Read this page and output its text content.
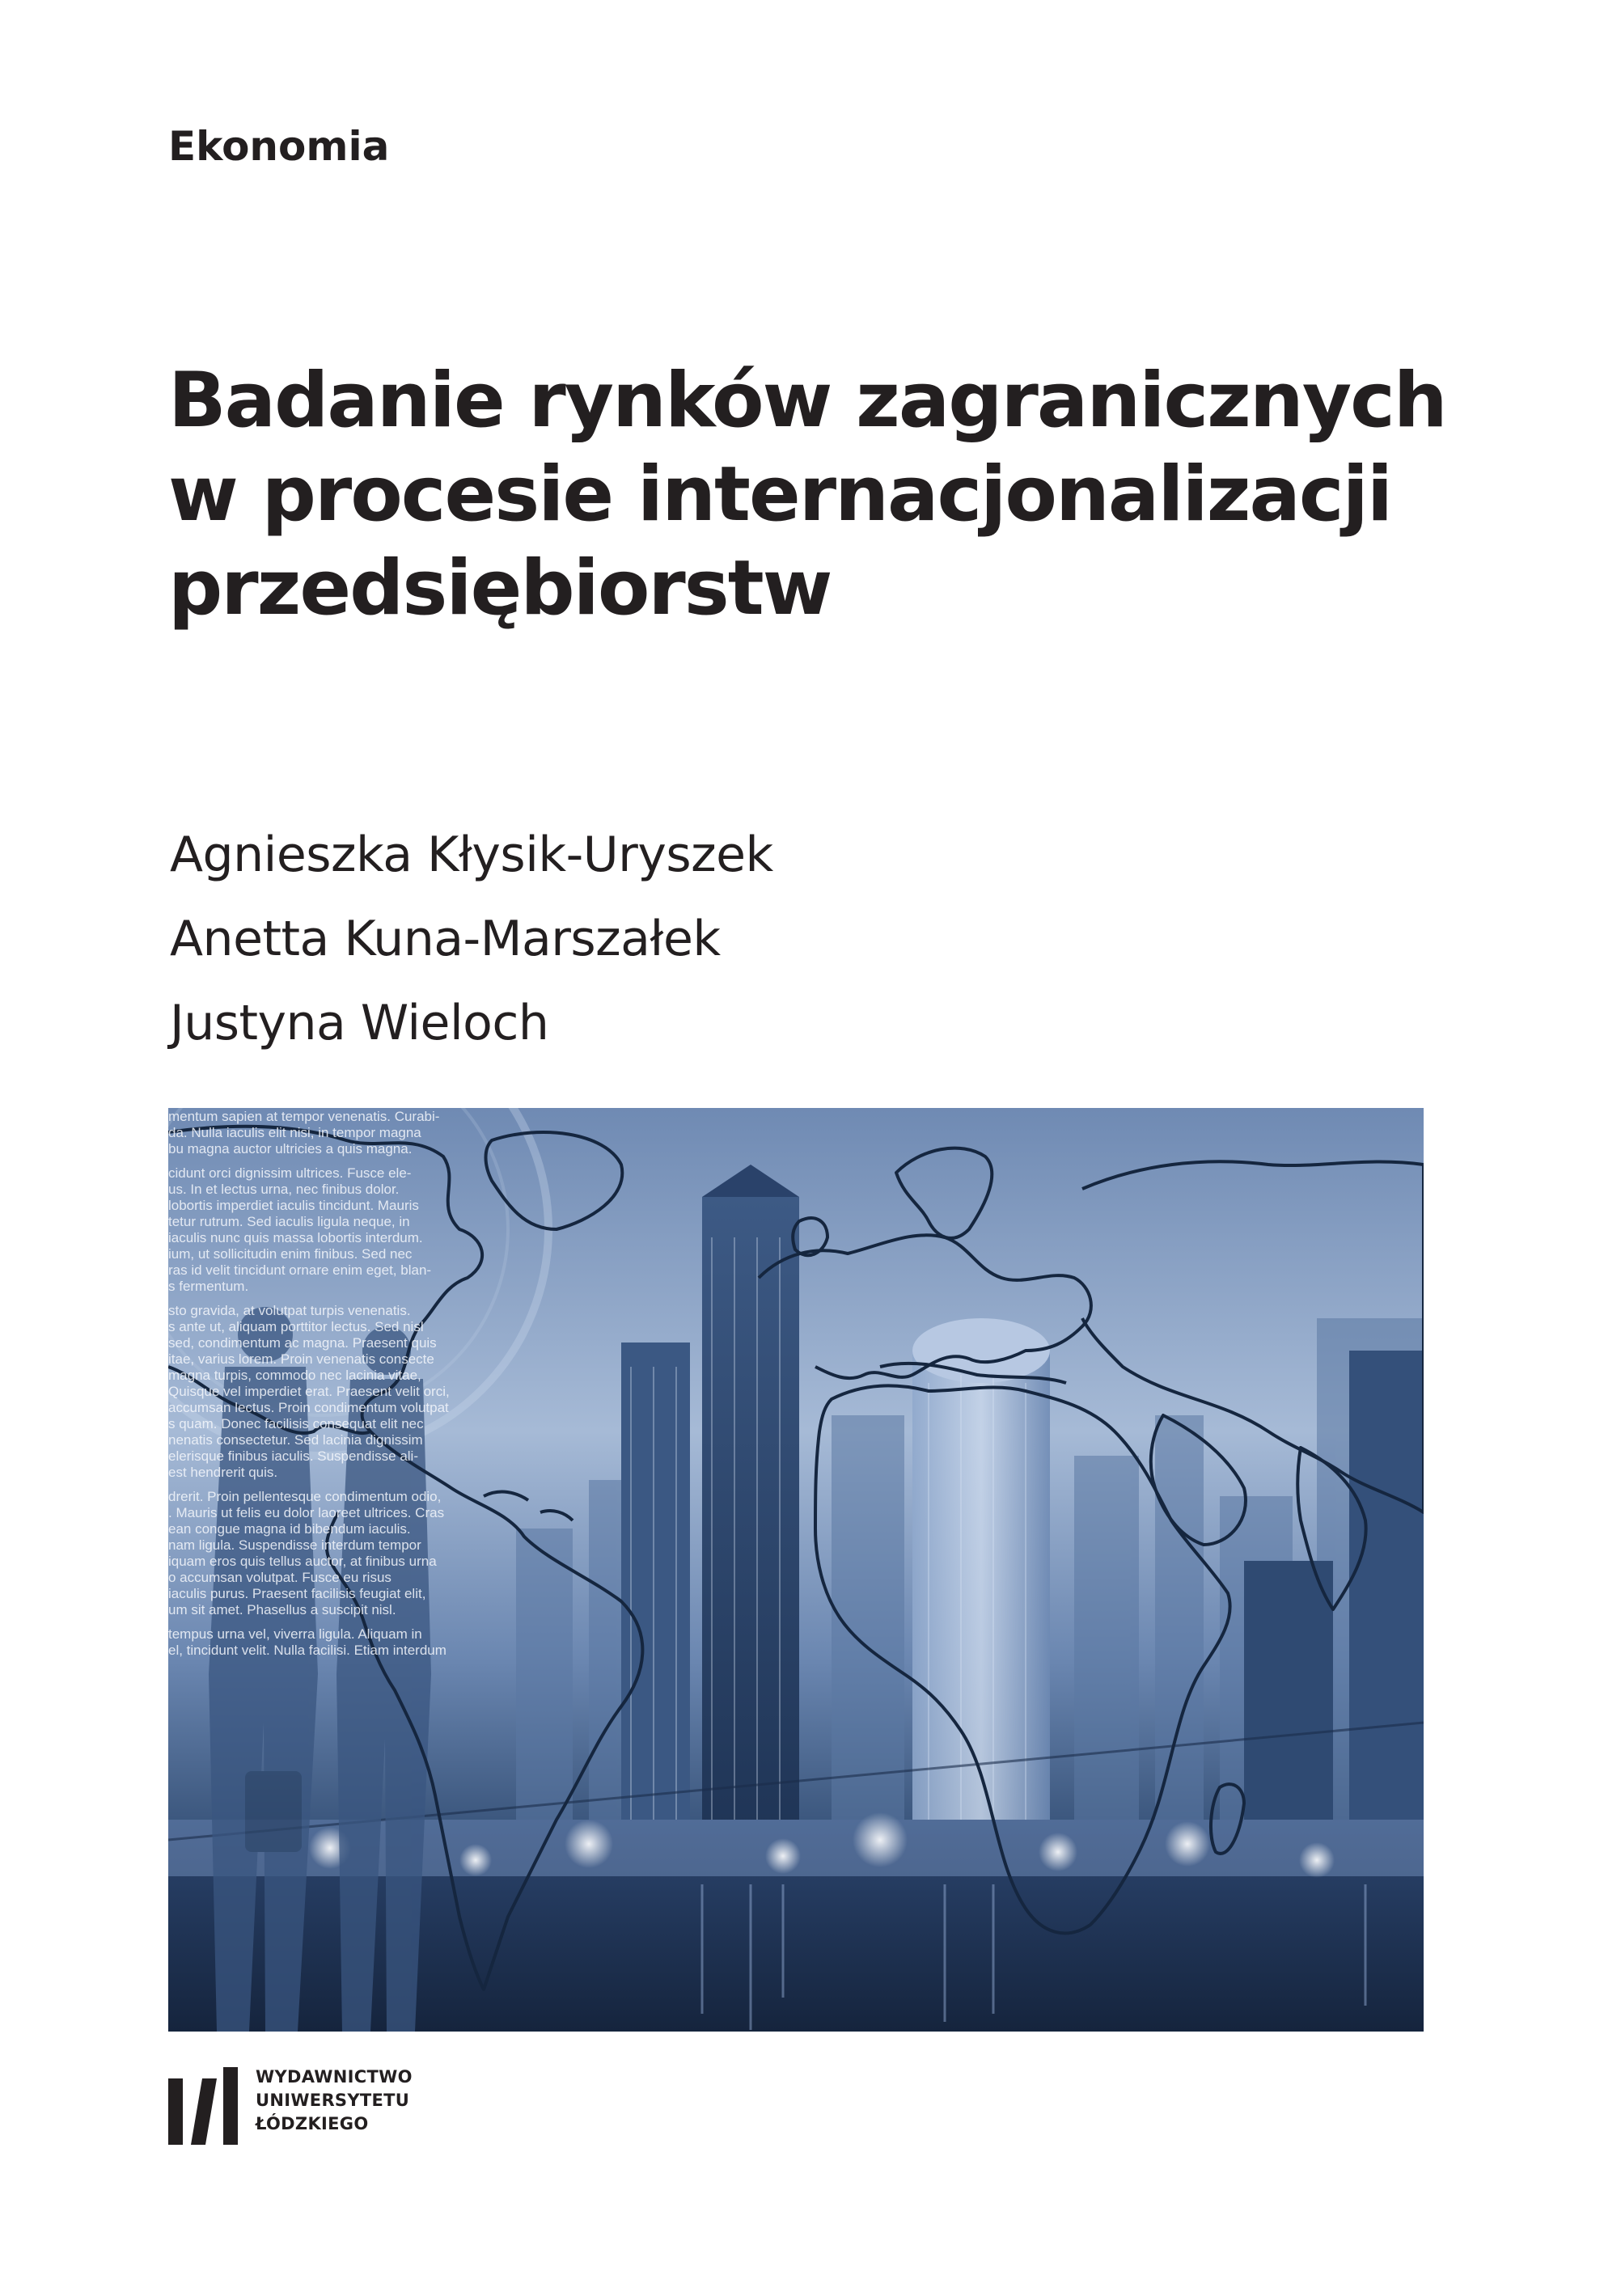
Ekonomia
Badanie rynków zagranicznych
w procesie internacjonalizacji
przedsiębiorstw
Agnieszka Kłysik-Uryszek
Anetta Kuna-Marszałek
Justyna Wieloch
mentum sapien at tempor venenatis. Curabi-
da. Nulla iaculis elit nisi, in tempor magna
bu magna auctor ultricies a quis magna.
cidunt orci dignissim ultrices. Fusce ele-
us. In et lectus urna, nec finibus dolor.
lobortis imperdiet iaculis tincidunt. Mauris
tetur rutrum. Sed iaculis ligula neque, in
iaculis nunc quis massa lobortis interdum.
ium, ut sollicitudin enim finibus. Sed nec
ras id velit tincidunt ornare enim eget, blan-
s fermentum.
sto gravida, at volutpat turpis venenatis.
s ante ut, aliquam porttitor lectus. Sed nisl
sed, condimentum ac magna. Praesent quis
itae, varius lorem. Proin venenatis consecte
magna turpis, commodo nec lacinia vitae,
Quisque vel imperdiet erat. Praesent velit orci,
accumsan lectus. Proin condimentum volutpat
s quam. Donec facilisis consequat elit nec
nenatis consectetur. Sed lacinia dignissim
elerisque finibus iaculis. Suspendisse ali-
est hendrerit quis.
drerit. Proin pellentesque condimentum odio,
. Mauris ut felis eu dolor laoreet ultrices. Cras
ean congue magna id bibendum iaculis.
nam ligula. Suspendisse interdum tempor
iquam eros quis tellus auctor, at finibus urna
o accumsan volutpat. Fusce eu risus
iaculis purus. Praesent facilisis feugiat elit,
um sit amet. Phasellus a suscipit nisl.
tempus urna vel, viverra ligula. Aliquam in
el, tincidunt velit. Nulla facilisi. Etiam interdum
WYDAWNICTWO
UNIWERSYTETU
ŁÓDZKIEGO
